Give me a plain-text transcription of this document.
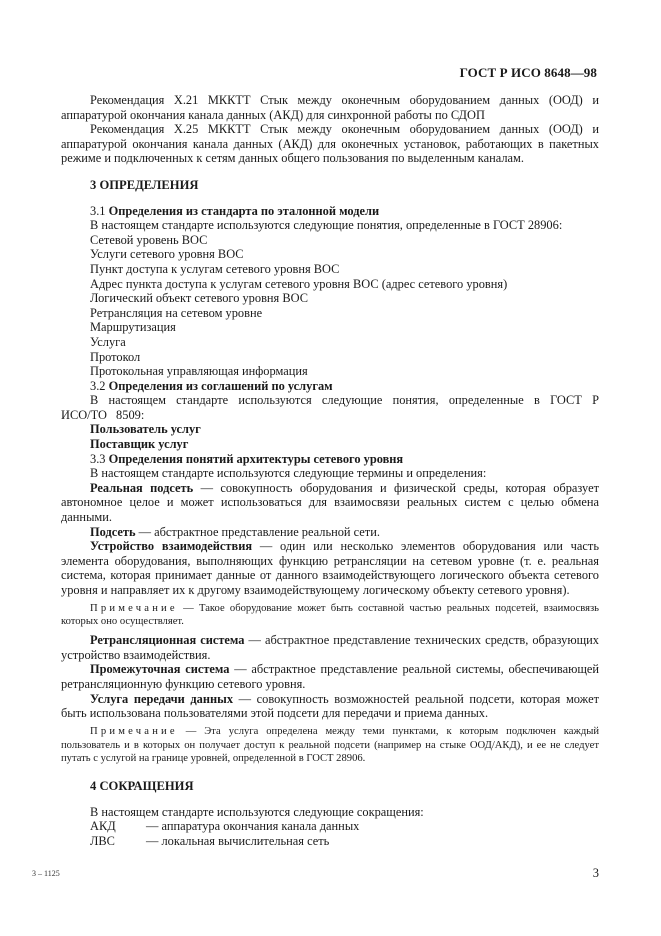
ГОСТ Р ИСО 8648—98

Рекомендация X.21 МККТТ Стык между оконечным оборудованием данных (ООД) и аппаратурой окончания канала данных (АКД) для синхронной работы по СДОП

Рекомендация X.25 МККТТ Стык между оконечным оборудованием данных (ООД) и аппаратурой окончания канала данных (АКД) для оконечных установок, работающих в пакетных режиме и подключенных к сетям данных общего пользования по выделенным каналам.

3 ОПРЕДЕЛЕНИЯ

3.1 Определения из стандарта по эталонной модели

В настоящем стандарте используются следующие понятия, определенные в ГОСТ 28906:

Сетевой уровень ВОС

Услуги сетевого уровня ВОС

Пункт доступа к услугам сетевого уровня ВОС

Адрес пункта доступа к услугам сетевого уровня ВОС (адрес сетевого уровня)

Логический объект сетевого уровня ВОС

Ретрансляция на сетевом уровне

Маршрутизация

Услуга

Протокол

Протокольная управляющая информация

3.2 Определения из соглашений по услугам

В настоящем стандарте используются следующие понятия, определенные в ГОСТ Р ИСО/ТО 8509:

Пользователь услуг

Поставщик услуг

3.3 Определения понятий архитектуры сетевого уровня

В настоящем стандарте используются следующие термины и определения:

Реальная подсеть — совокупность оборудования и физической среды, которая образует автономное целое и может использоваться для взаимосвязи реальных систем с целью обмена данными.

Подсеть — абстрактное представление реальной сети.

Устройство взаимодействия — один или несколько элементов оборудования или часть элемента оборудования, выполняющих функцию ретрансляции на сетевом уровне (т. е. реальная система, которая принимает данные от данного взаимодействующего логического объекта сетевого уровня и направляет их к другому взаимодействующему логическому объекту сетевого уровня).

Примечание — Такое оборудование может быть составной частью реальных подсетей, взаимосвязь которых оно осуществляет.

Ретрансляционная система — абстрактное представление технических средств, образующих устройство взаимодействия.

Промежуточная система — абстрактное представление реальной системы, обеспечивающей ретрансляционную функцию сетевого уровня.

Услуга передачи данных — совокупность возможностей реальной подсети, которая может быть использована пользователями этой подсети для передачи и приема данных.

Примечание — Эта услуга определена между теми пунктами, к которым подключен каждый пользователь и в которых он получает доступ к реальной подсети (например на стыке ООД/АКД), и ее не следует путать с услугой на границе уровней, определенной в ГОСТ 28906.

4 СОКРАЩЕНИЯ

В настоящем стандарте используются следующие сокращения:

АКД	— аппаратура окончания канала данных
ЛВС	— локальная вычислительная сеть
3 – 1125	3
